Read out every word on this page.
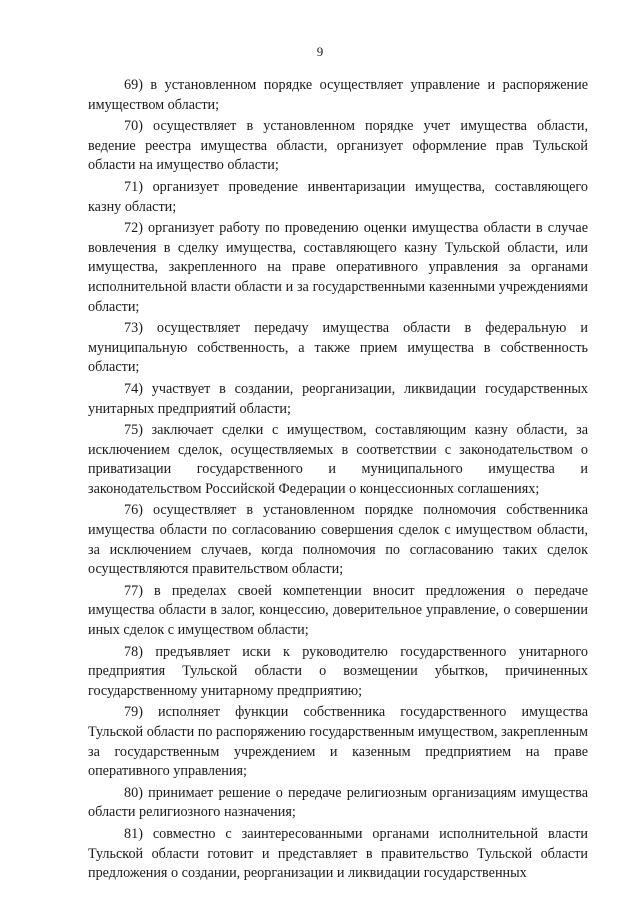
9

69) в установленном порядке осуществляет управление и распоряжение имуществом области;

70) осуществляет в установленном порядке учет имущества области, ведение реестра имущества области, организует оформление прав Тульской области на имущество области;

71) организует проведение инвентаризации имущества, составляющего казну области;

72) организует работу по проведению оценки имущества области в случае вовлечения в сделку имущества, составляющего казну Тульской области, или имущества, закрепленного на праве оперативного управления за органами исполнительной власти области и за государственными казенными учреждениями области;

73) осуществляет передачу имущества области в федеральную и муниципальную собственность, а также прием имущества в собственность области;

74) участвует в создании, реорганизации, ликвидации государственных унитарных предприятий области;

75) заключает сделки с имуществом, составляющим казну области, за исключением сделок, осуществляемых в соответствии с законодательством о приватизации государственного и муниципального имущества и законодательством Российской Федерации о концессионных соглашениях;

76) осуществляет в установленном порядке полномочия собственника имущества области по согласованию совершения сделок с имуществом области, за исключением случаев, когда полномочия по согласованию таких сделок осуществляются правительством области;

77) в пределах своей компетенции вносит предложения о передаче имущества области в залог, концессию, доверительное управление, о совершении иных сделок с имуществом области;

78) предъявляет иски к руководителю государственного унитарного предприятия Тульской области о возмещении убытков, причиненных государственному унитарному предприятию;

79) исполняет функции собственника государственного имущества Тульской области по распоряжению государственным имуществом, закрепленным за государственным учреждением и казенным предприятием на праве оперативного управления;

80) принимает решение о передаче религиозным организациям имущества области религиозного назначения;

81) совместно с заинтересованными органами исполнительной власти Тульской области готовит и представляет в правительство Тульской области предложения о создании, реорганизации и ликвидации государственных
